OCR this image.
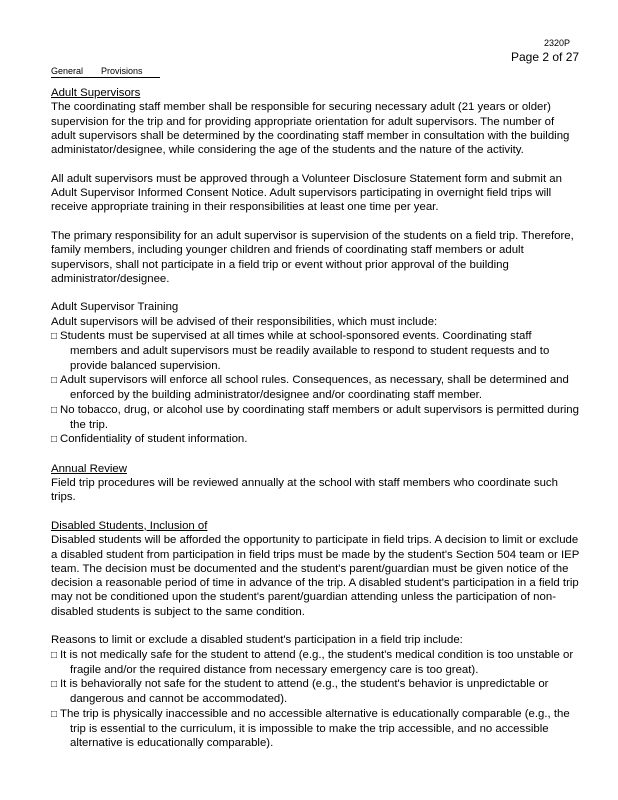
2320P
Page 2 of 27
General Provisions
Adult Supervisors

The coordinating staff member shall be responsible for securing necessary adult (21 years or older) supervision for the trip and for providing appropriate orientation for adult supervisors. The number of adult supervisors shall be determined by the coordinating staff member in consultation with the building administator/designee, while considering the age of the students and the nature of the activity.

All adult supervisors must be approved through a Volunteer Disclosure Statement form and submit an Adult Supervisor Informed Consent Notice. Adult supervisors participating in overnight field trips will receive appropriate training in their responsibilities at least one time per year.

The primary responsibility for an adult supervisor is supervision of the students on a field trip. Therefore, family members, including younger children and friends of coordinating staff members or adult supervisors, shall not participate in a field trip or event without prior approval of the building administrator/designee.

Adult Supervisor Training
Adult supervisors will be advised of their responsibilities, which must include:
□ Students must be supervised at all times while at school-sponsored events. Coordinating staff members and adult supervisors must be readily available to respond to student requests and to provide balanced supervision.
□ Adult supervisors will enforce all school rules. Consequences, as necessary, shall be determined and enforced by the building administrator/designee and/or coordinating staff member.
□ No tobacco, drug, or alcohol use by coordinating staff members or adult supervisors is permitted during the trip.
□ Confidentiality of student information.
Annual Review

Field trip procedures will be reviewed annually at the school with staff members who coordinate such trips.

Disabled Students, Inclusion of

Disabled students will be afforded the opportunity to participate in field trips. A decision to limit or exclude a disabled student from participation in field trips must be made by the student's Section 504 team or IEP team. The decision must be documented and the student's parent/guardian must be given notice of the decision a reasonable period of time in advance of the trip. A disabled student's participation in a field trip may not be conditioned upon the student's parent/guardian attending unless the participation of non-disabled students is subject to the same condition.

Reasons to limit or exclude a disabled student's participation in a field trip include:
□ It is not medically safe for the student to attend (e.g., the student's medical condition is too unstable or fragile and/or the required distance from necessary emergency care is too great).
□ It is behaviorally not safe for the student to attend (e.g., the student's behavior is unpredictable or dangerous and cannot be accommodated).
□ The trip is physically inaccessible and no accessible alternative is educationally comparable (e.g., the trip is essential to the curriculum, it is impossible to make the trip accessible, and no accessible alternative is educationally comparable).
